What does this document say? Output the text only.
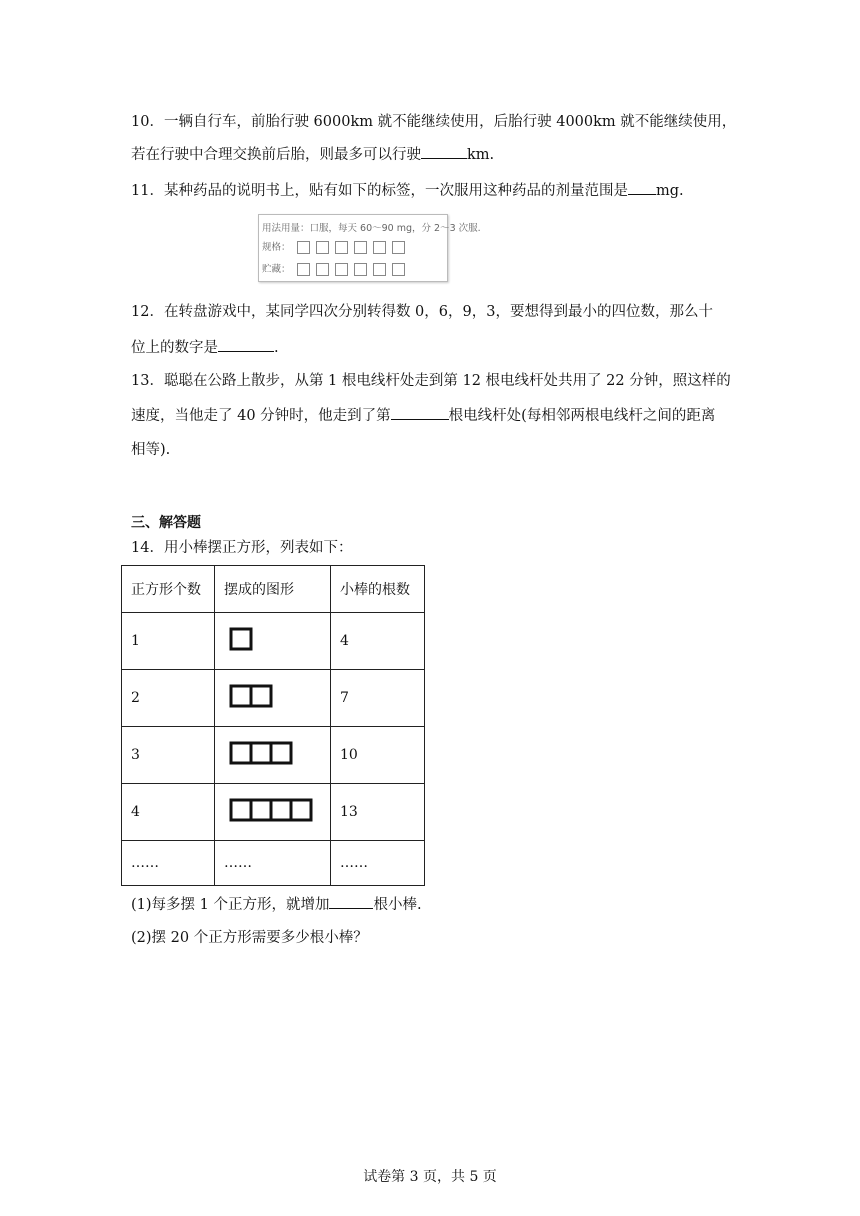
10．一辆自行车，前胎行驶 6000km 就不能继续使用，后胎行驶 4000km 就不能继续使用，
若在行驶中合理交换前后胎，则最多可以行驶	km.
11．某种药品的说明书上，贴有如下的标签，一次服用这种药品的剂量范围是 mg.
用法用量：口服，每天 60～90 mg，分 2～3 次服.
规格：
贮藏：
12．在转盘游戏中，某同学四次分别转得数 0，6，9，3，要想得到最小的四位数，那么十
位上的数字是	.
13．聪聪在公路上散步，从第 1 根电线杆处走到第 12 根电线杆处共用了 22 分钟，照这样的
速度，当他走了 40 分钟时，他走到了第	根电线杆处(每相邻两根电线杆之间的距离
相等).
三、解答题
14．用小棒摆正方形，列表如下：
正方形个数	摆成的图形	小棒的根数
1		4
2		7
3		10
4		13
……	……	……
(1)每多摆 1 个正方形，就增加	根小棒.
(2)摆 20 个正方形需要多少根小棒？
试卷第 3 页，共 5 页
